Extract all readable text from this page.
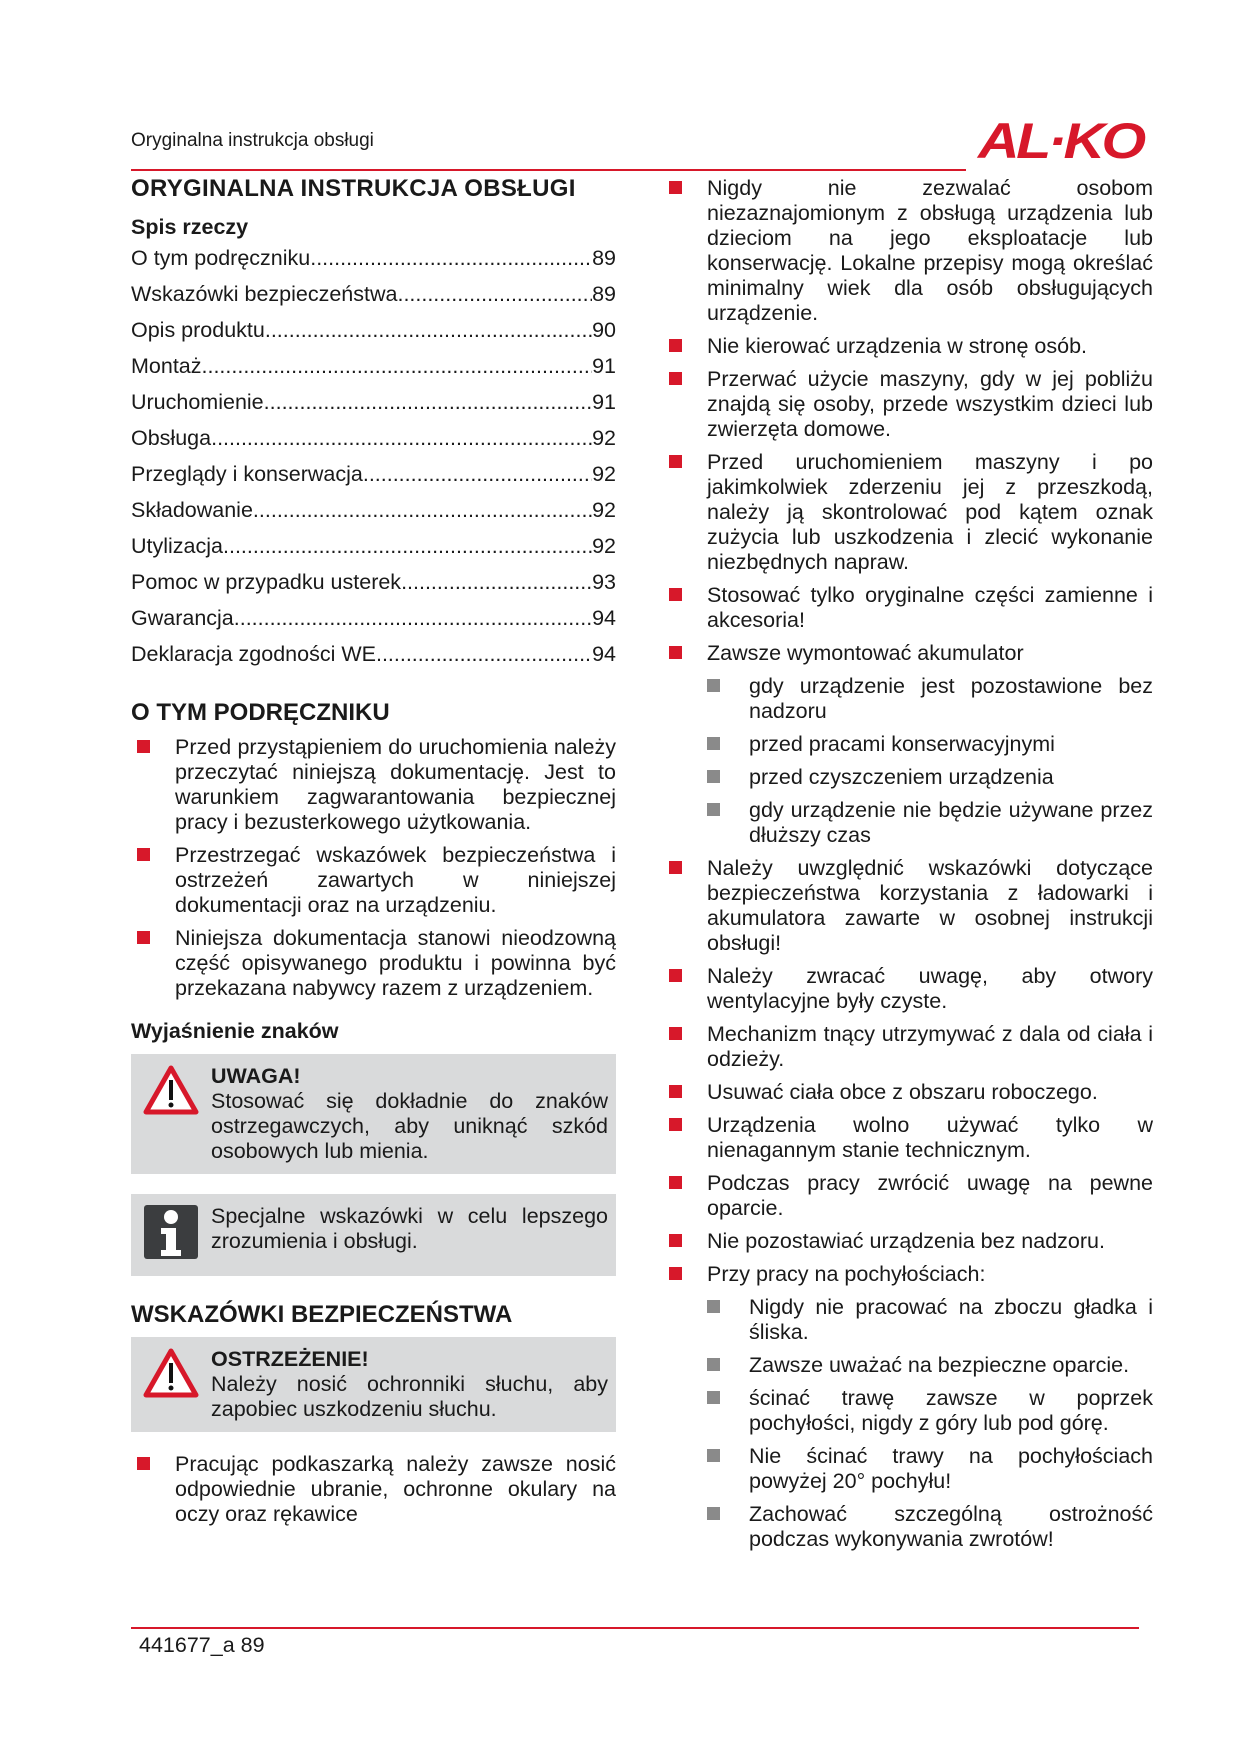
Oryginalna instrukcja obsługi	AL·KO
ORYGINALNA INSTRUKCJA OBSŁUGI
Spis rzeczy
O tym podręczniku .....	89
Wskazówki bezpieczeństwa .....	89
Opis produktu .....	90
Montaż .....	91
Uruchomienie .....	91
Obsługa .....	92
Przeglądy i konserwacja .....	92
Składowanie .....	92
Utylizacja .....	92
Pomoc w przypadku usterek .....	93
Gwarancja .....	94
Deklaracja zgodności WE .....	94
O TYM PODRĘCZNIKU
Przed przystąpieniem do uruchomienia należy przeczytać niniejszą dokumentację. Jest to warunkiem zagwarantowania bezpiecznej pracy i bezusterkowego użytkowania.
Przestrzegać wskazówek bezpieczeństwa i ostrzeżeń zawartych w niniejszej dokumentacji oraz na urządzeniu.
Niniejsza dokumentacja stanowi nieodzowną część opisywanego produktu i powinna być przekazana nabywcy razem z urządzeniem.
Wyjaśnienie znaków
UWAGA!
Stosować się dokładnie do znaków ostrzegawczych, aby uniknąć szkód osobowych lub mienia.
Specjalne wskazówki w celu lepszego zrozumienia i obsługi.
WSKAZÓWKI BEZPIECZEŃSTWA
OSTRZEŻENIE!
Należy nosić ochronniki słuchu, aby zapobiec uszkodzeniu słuchu.
Pracując podkaszarką należy zawsze nosić odpowiednie ubranie, ochronne okulary na oczy oraz rękawice
Nigdy nie zezwalać osobom niezaznajomionym z obsługą urządzenia lub dzieciom na jego eksploatacje lub konserwację. Lokalne przepisy mogą określać minimalny wiek dla osób obsługujących urządzenie.
Nie kierować urządzenia w stronę osób.
Przerwać użycie maszyny, gdy w jej pobliżu znajdą się osoby, przede wszystkim dzieci lub zwierzęta domowe.
Przed uruchomieniem maszyny i po jakimkolwiek zderzeniu jej z przeszkodą, należy ją skontrolować pod kątem oznak zużycia lub uszkodzenia i zlecić wykonanie niezbędnych napraw.
Stosować tylko oryginalne części zamienne i akcesoria!
Zawsze wymontować akumulator
gdy urządzenie jest pozostawione bez nadzoru
przed pracami konserwacyjnymi
przed czyszczeniem urządzenia
gdy urządzenie nie będzie używane przez dłuższy czas
Należy uwzględnić wskazówki dotyczące bezpieczeństwa korzystania z ładowarki i akumulatora zawarte w osobnej instrukcji obsługi!
Należy zwracać uwagę, aby otwory wentylacyjne były czyste.
Mechanizm tnący utrzymywać z dala od ciała i odzieży.
Usuwać ciała obce z obszaru roboczego.
Urządzenia wolno używać tylko w nienagannym stanie technicznym.
Podczas pracy zwrócić uwagę na pewne oparcie.
Nie pozostawiać urządzenia bez nadzoru.
Przy pracy na pochyłościach:
Nigdy nie pracować na zboczu gładka i śliska.
Zawsze uważać na bezpieczne oparcie.
ścinać trawę zawsze w poprzek pochyłości, nigdy z góry lub pod górę.
Nie ścinać trawy na pochyłościach powyżej 20° pochyłu!
Zachować szczególną ostrożność podczas wykonywania zwrotów!
441677_a 89
